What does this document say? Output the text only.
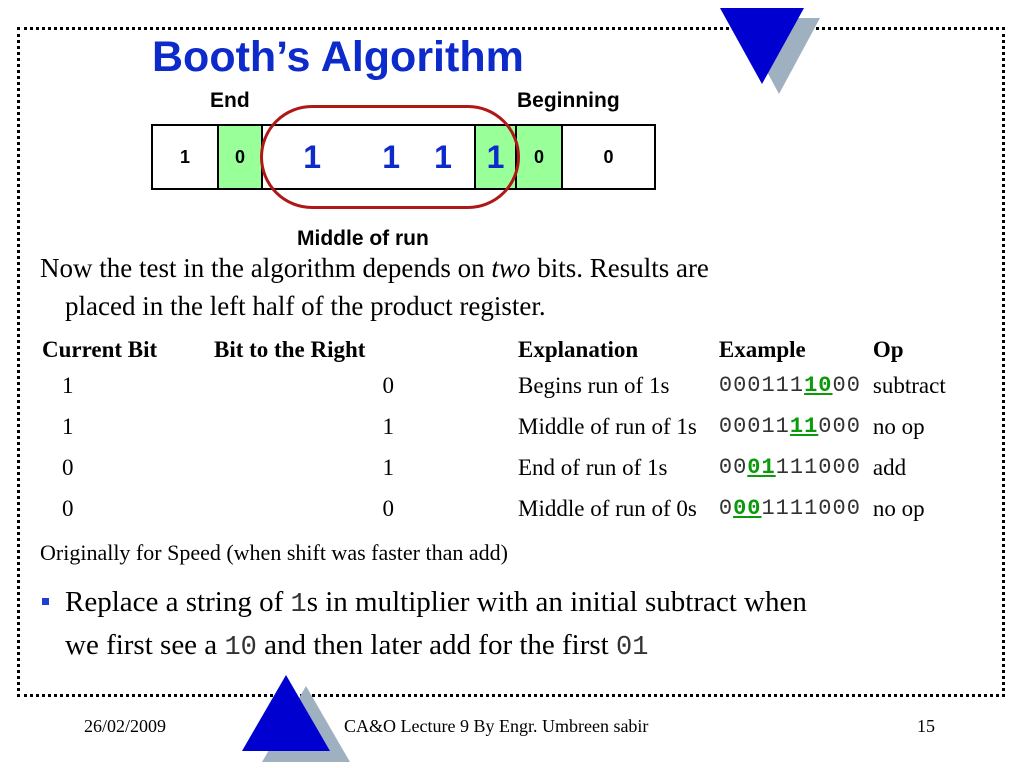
Booth’s Algorithm
End	Beginning
1	0	1	1	1	1	0	0
Middle of run

Now the test in the algorithm depends on two bits. Results are
placed in the left half of the product register.

Current Bit	Bit to the Right	Explanation	Example	Op
1	0	Begins run of 1s	0001111000	subtract
1	1	Middle of run of 1s	0001111000	no op
0	1	End of run of 1s	0001111000	add
0	0	Middle of run of 0s	0001111000	no op

Originally for Speed (when shift was faster than add)

Replace a string of 1s in multiplier with an initial subtract when
we first see a 10 and then later add for the first 01
26/02/2009	CA&O Lecture 9 By Engr. Umbreen sabir	15
